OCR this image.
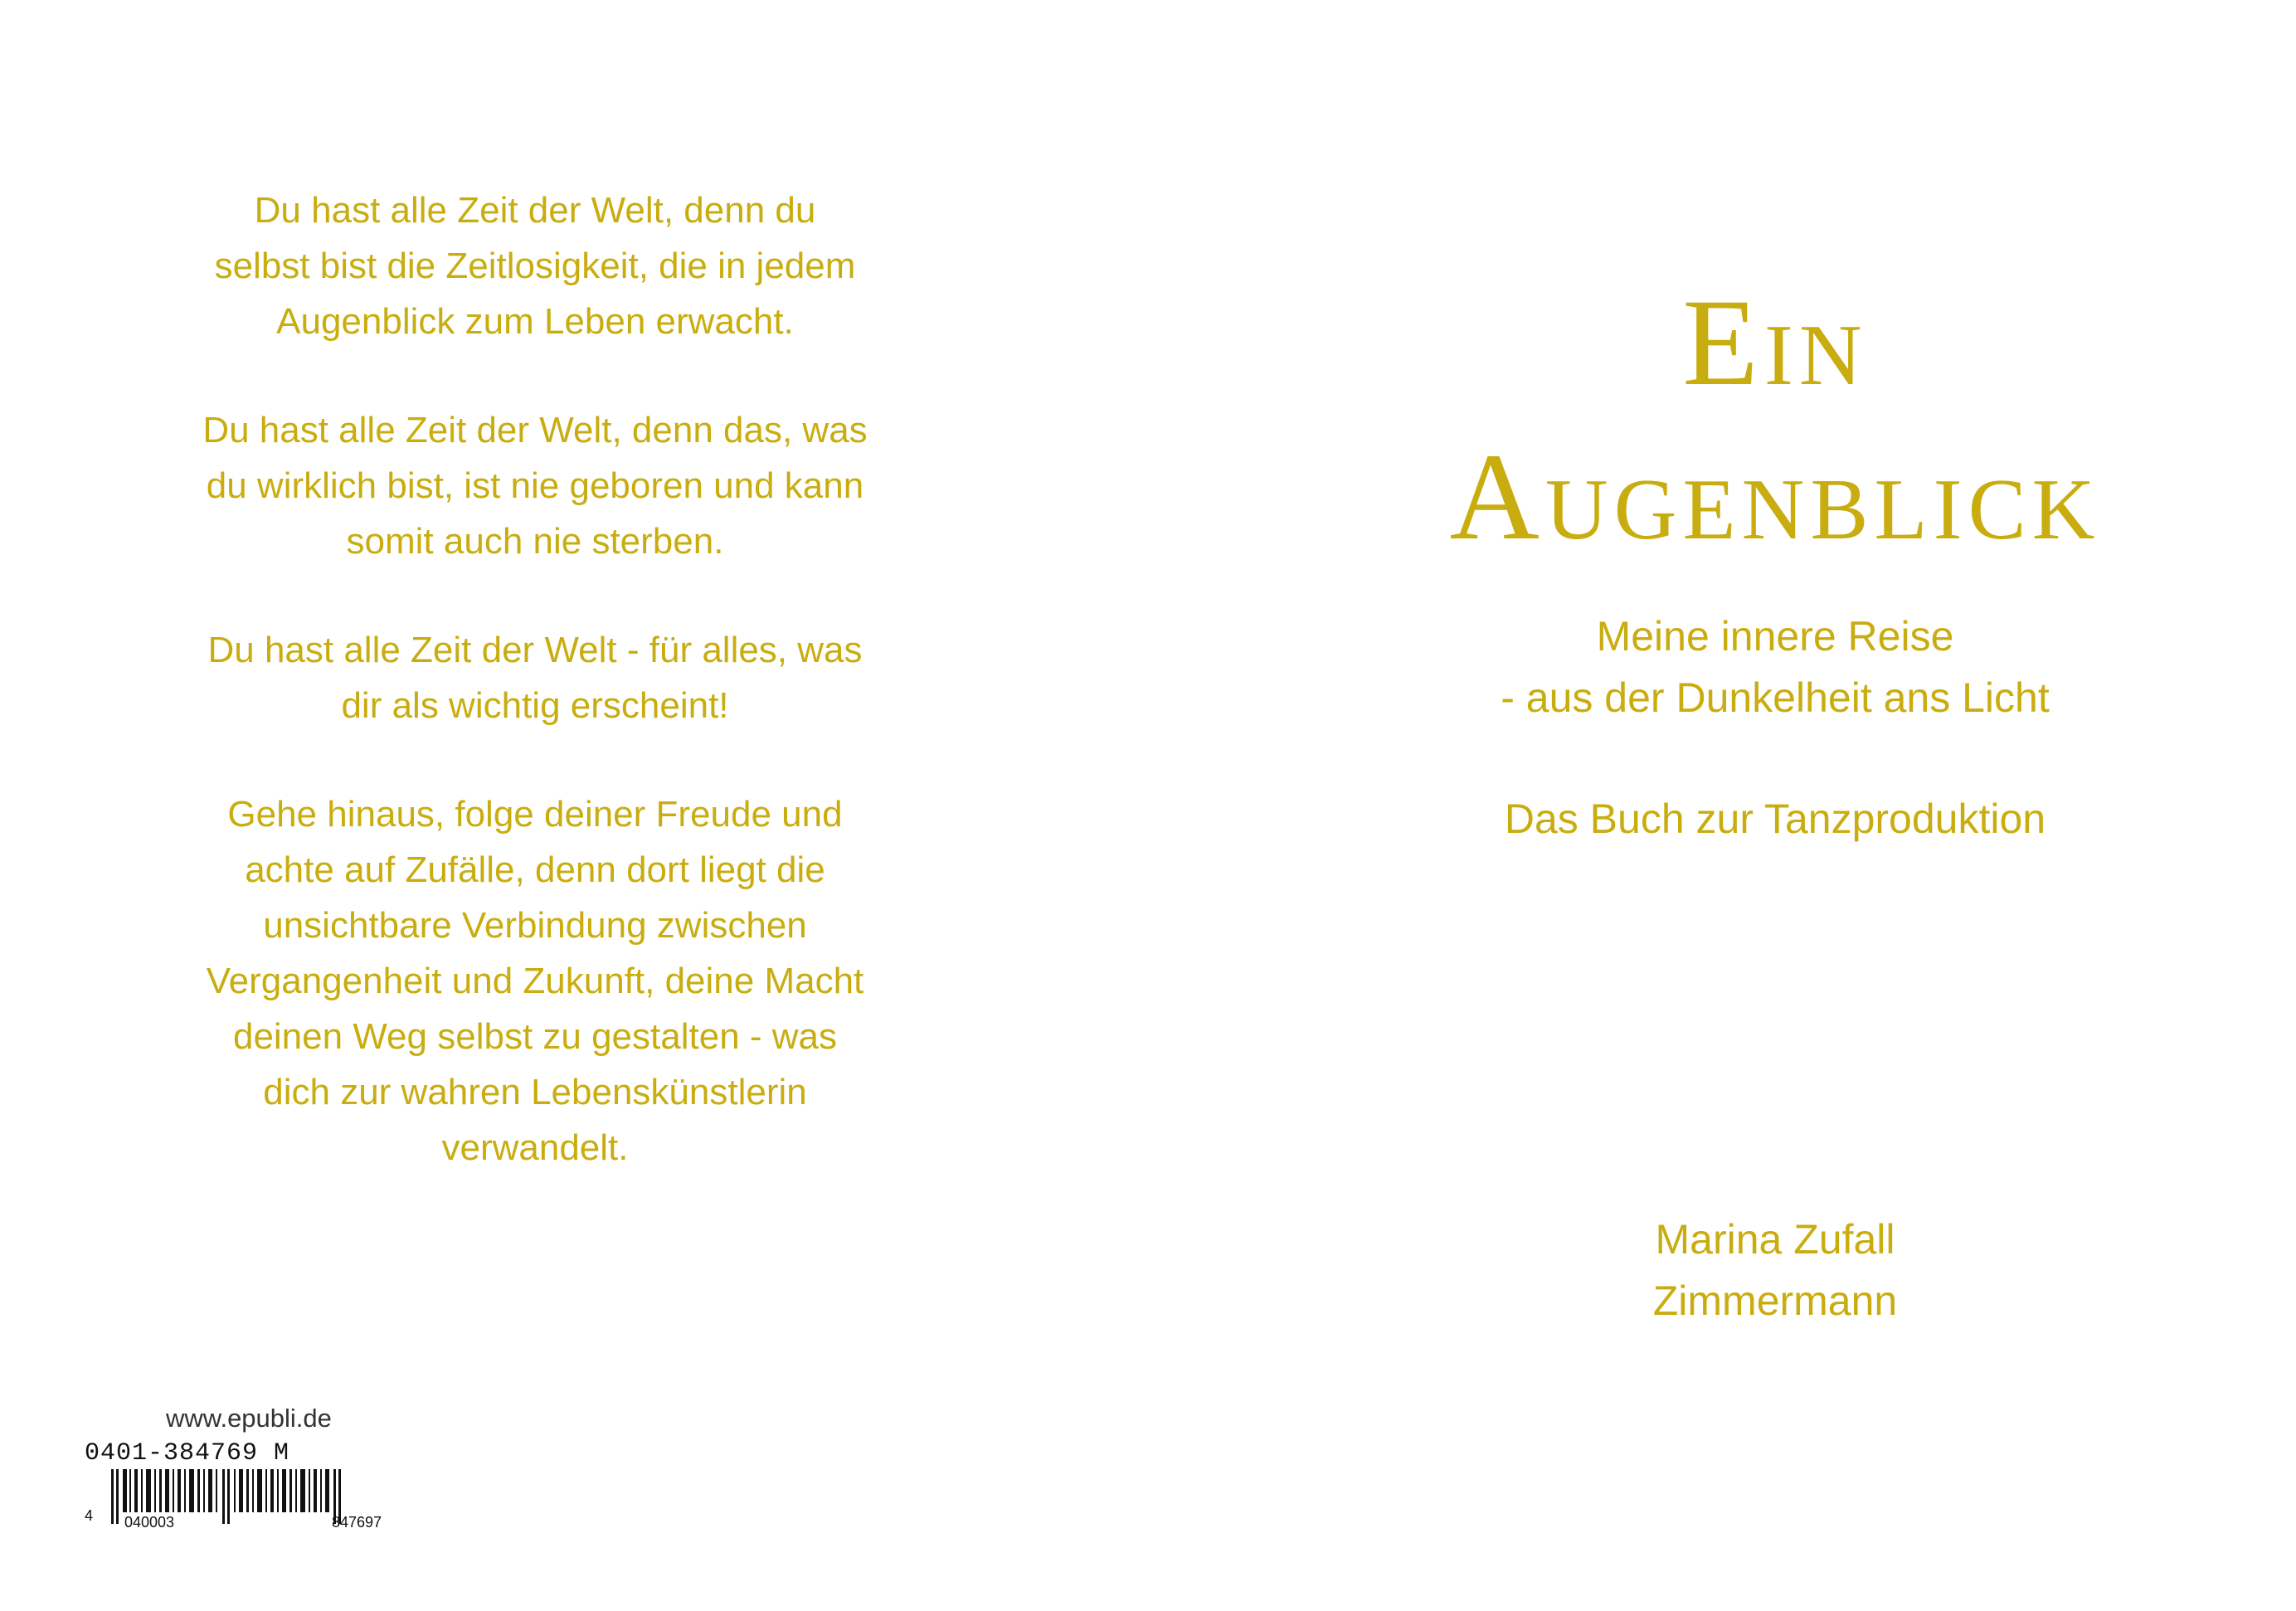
Du hast alle Zeit der Welt, denn du
selbst bist die Zeitlosigkeit, die in jedem
Augenblick zum Leben erwacht.

Du hast alle Zeit der Welt, denn das, was
du wirklich bist, ist nie geboren und kann
somit auch nie sterben.

Du hast alle Zeit der Welt - für alles, was
dir als wichtig erscheint!

Gehe hinaus, folge deiner Freude und
achte auf Zufälle, denn dort liegt die
unsichtbare Verbindung zwischen
Vergangenheit und Zukunft, deine Macht
deinen Weg selbst zu gestalten - was
dich zur wahren Lebenskünstlerin
verwandelt.

Ein
Augenblick
Meine innere Reise
- aus der Dunkelheit ans Licht
Das Buch zur Tanzproduktion
Marina Zufall
Zimmermann
www.epubli.de
0401-384769 M
4 040003	847697
